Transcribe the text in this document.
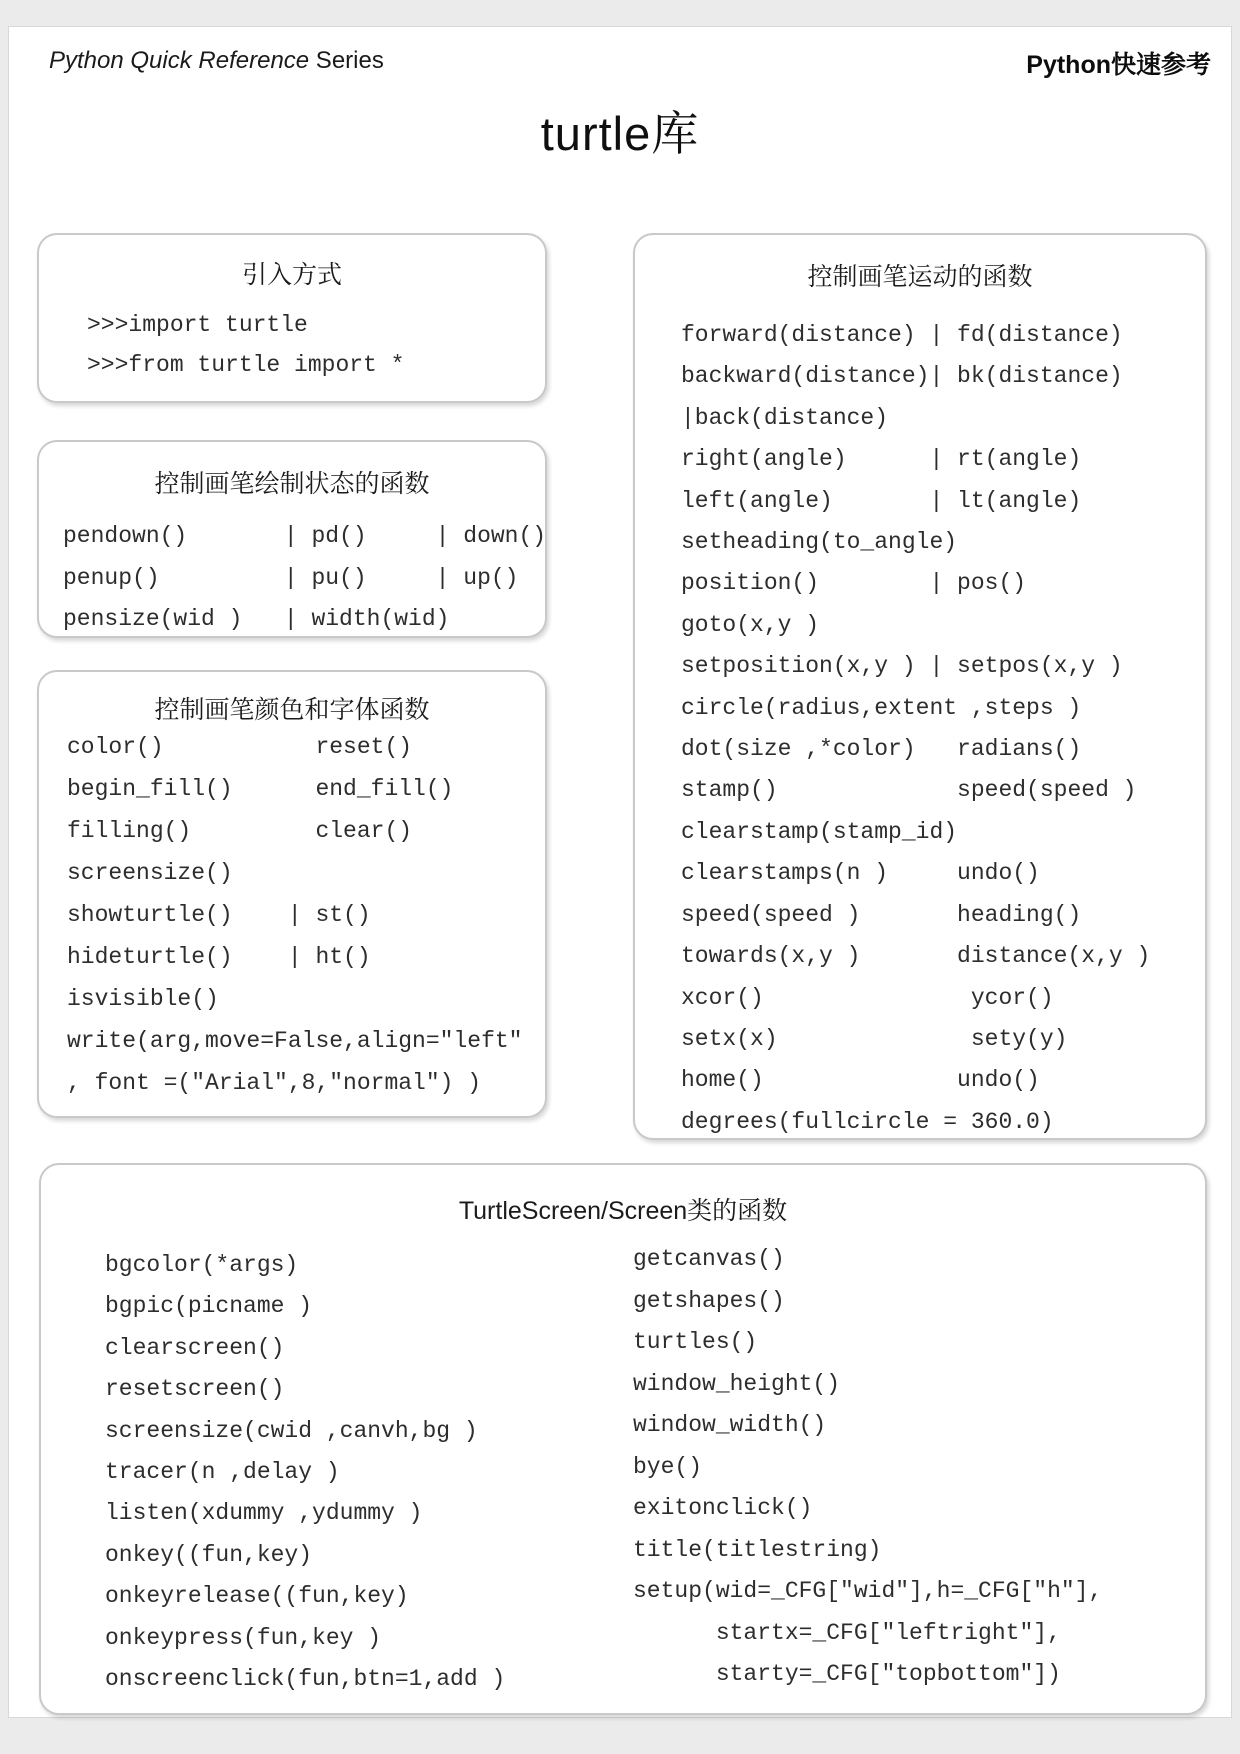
Python Quick Reference Series	Python快速参考
turtle库
引入方式
>>>import turtle
>>>from turtle import *
控制画笔绘制状态的函数
pendown()       | pd()     | down()
penup()         | pu()     | up()
pensize(wid )   | width(wid)
控制画笔颜色和字体函数
color()           reset()
begin_fill()      end_fill()
filling()         clear()
screensize()
showturtle()    | st()
hideturtle()    | ht()
isvisible()
write(arg,move=False,align="left"
, font =("Arial",8,"normal") )
控制画笔运动的函数
forward(distance) | fd(distance)
backward(distance)| bk(distance)
|back(distance)
right(angle)      | rt(angle)
left(angle)       | lt(angle)
setheading(to_angle)
position()        | pos()
goto(x,y )
setposition(x,y ) | setpos(x,y )
circle(radius,extent ,steps )
dot(size ,*color)   radians()
stamp()             speed(speed )
clearstamp(stamp_id)
clearstamps(n )     undo()
speed(speed )       heading()
towards(x,y )       distance(x,y )
xcor()               ycor()
setx(x)              sety(y)
home()              undo()
degrees(fullcircle = 360.0)
TurtleScreen/Screen类的函数
bgcolor(*args)
bgpic(picname )
clearscreen()
resetscreen()
screensize(cwid ,canvh,bg )
tracer(n ,delay )
listen(xdummy ,ydummy )
onkey((fun,key)
onkeyrelease((fun,key)
onkeypress(fun,key )
onscreenclick(fun,btn=1,add )
getcanvas()
getshapes()
turtles()
window_height()
window_width()
bye()
exitonclick()
title(titlestring)
setup(wid=_CFG["wid"],h=_CFG["h"],
startx=_CFG["leftright"],
starty=_CFG["topbottom"])
